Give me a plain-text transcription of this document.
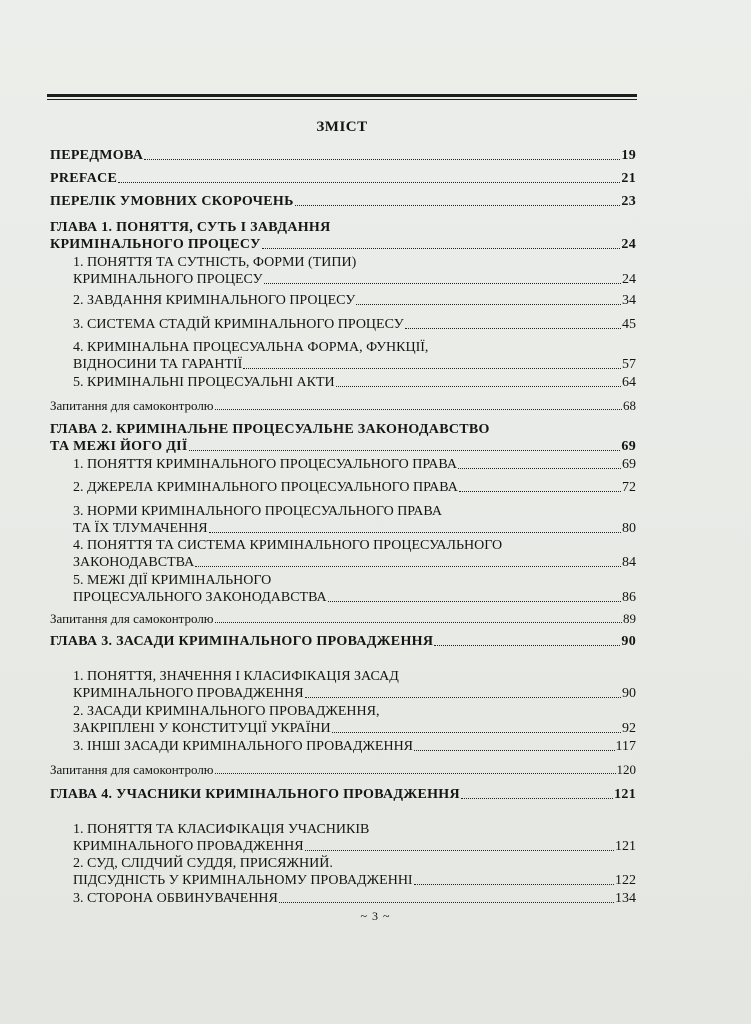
ЗМІСТ
ПЕРЕДМОВА	19
PREFACE	21
ПЕРЕЛІК УМОВНИХ СКОРОЧЕНЬ	23
ГЛАВА 1. ПОНЯТТЯ, СУТЬ І ЗАВДАННЯ
КРИМІНАЛЬНОГО ПРОЦЕСУ	24
1. ПОНЯТТЯ ТА СУТНІСТЬ, ФОРМИ (ТИПИ)
КРИМІНАЛЬНОГО ПРОЦЕСУ	24
2. ЗАВДАННЯ КРИМІНАЛЬНОГО ПРОЦЕСУ	34
3. СИСТЕМА СТАДІЙ КРИМІНАЛЬНОГО ПРОЦЕСУ	45
4. КРИМІНАЛЬНА ПРОЦЕСУАЛЬНА ФОРМА, ФУНКЦІЇ,
ВІДНОСИНИ ТА ГАРАНТІЇ	57
5. КРИМІНАЛЬНІ ПРОЦЕСУАЛЬНІ АКТИ	64
Запитання для самоконтролю	68
ГЛАВА 2. КРИМІНАЛЬНЕ ПРОЦЕСУАЛЬНЕ ЗАКОНОДАВСТВО
ТА МЕЖІ ЙОГО ДІЇ	69
1. ПОНЯТТЯ КРИМІНАЛЬНОГО ПРОЦЕСУАЛЬНОГО ПРАВА	69
2. ДЖЕРЕЛА КРИМІНАЛЬНОГО ПРОЦЕСУАЛЬНОГО ПРАВА	72
3. НОРМИ КРИМІНАЛЬНОГО ПРОЦЕСУАЛЬНОГО ПРАВА
ТА ЇХ ТЛУМАЧЕННЯ	80
4. ПОНЯТТЯ ТА СИСТЕМА КРИМІНАЛЬНОГО ПРОЦЕСУАЛЬНОГО
ЗАКОНОДАВСТВА	84
5. МЕЖІ ДІЇ КРИМІНАЛЬНОГО
ПРОЦЕСУАЛЬНОГО ЗАКОНОДАВСТВА	86
Запитання для самоконтролю	89
ГЛАВА 3. ЗАСАДИ КРИМІНАЛЬНОГО ПРОВАДЖЕННЯ	90
1. ПОНЯТТЯ, ЗНАЧЕННЯ І КЛАСИФІКАЦІЯ ЗАСАД
КРИМІНАЛЬНОГО ПРОВАДЖЕННЯ	90
2. ЗАСАДИ КРИМІНАЛЬНОГО ПРОВАДЖЕННЯ,
ЗАКРІПЛЕНІ У КОНСТИТУЦІЇ УКРАЇНИ	92
3. ІНШІ ЗАСАДИ КРИМІНАЛЬНОГО ПРОВАДЖЕННЯ	117
Запитання для самоконтролю	120
ГЛАВА 4. УЧАСНИКИ КРИМІНАЛЬНОГО ПРОВАДЖЕННЯ	121
1. ПОНЯТТЯ ТА КЛАСИФІКАЦІЯ УЧАСНИКІВ
КРИМІНАЛЬНОГО ПРОВАДЖЕННЯ	121
2. СУД, СЛІДЧИЙ СУДДЯ, ПРИСЯЖНИЙ.
ПІДСУДНІСТЬ У КРИМІНАЛЬНОМУ ПРОВАДЖЕННІ	122
3. СТОРОНА ОБВИНУВАЧЕННЯ	134
~ 3 ~
